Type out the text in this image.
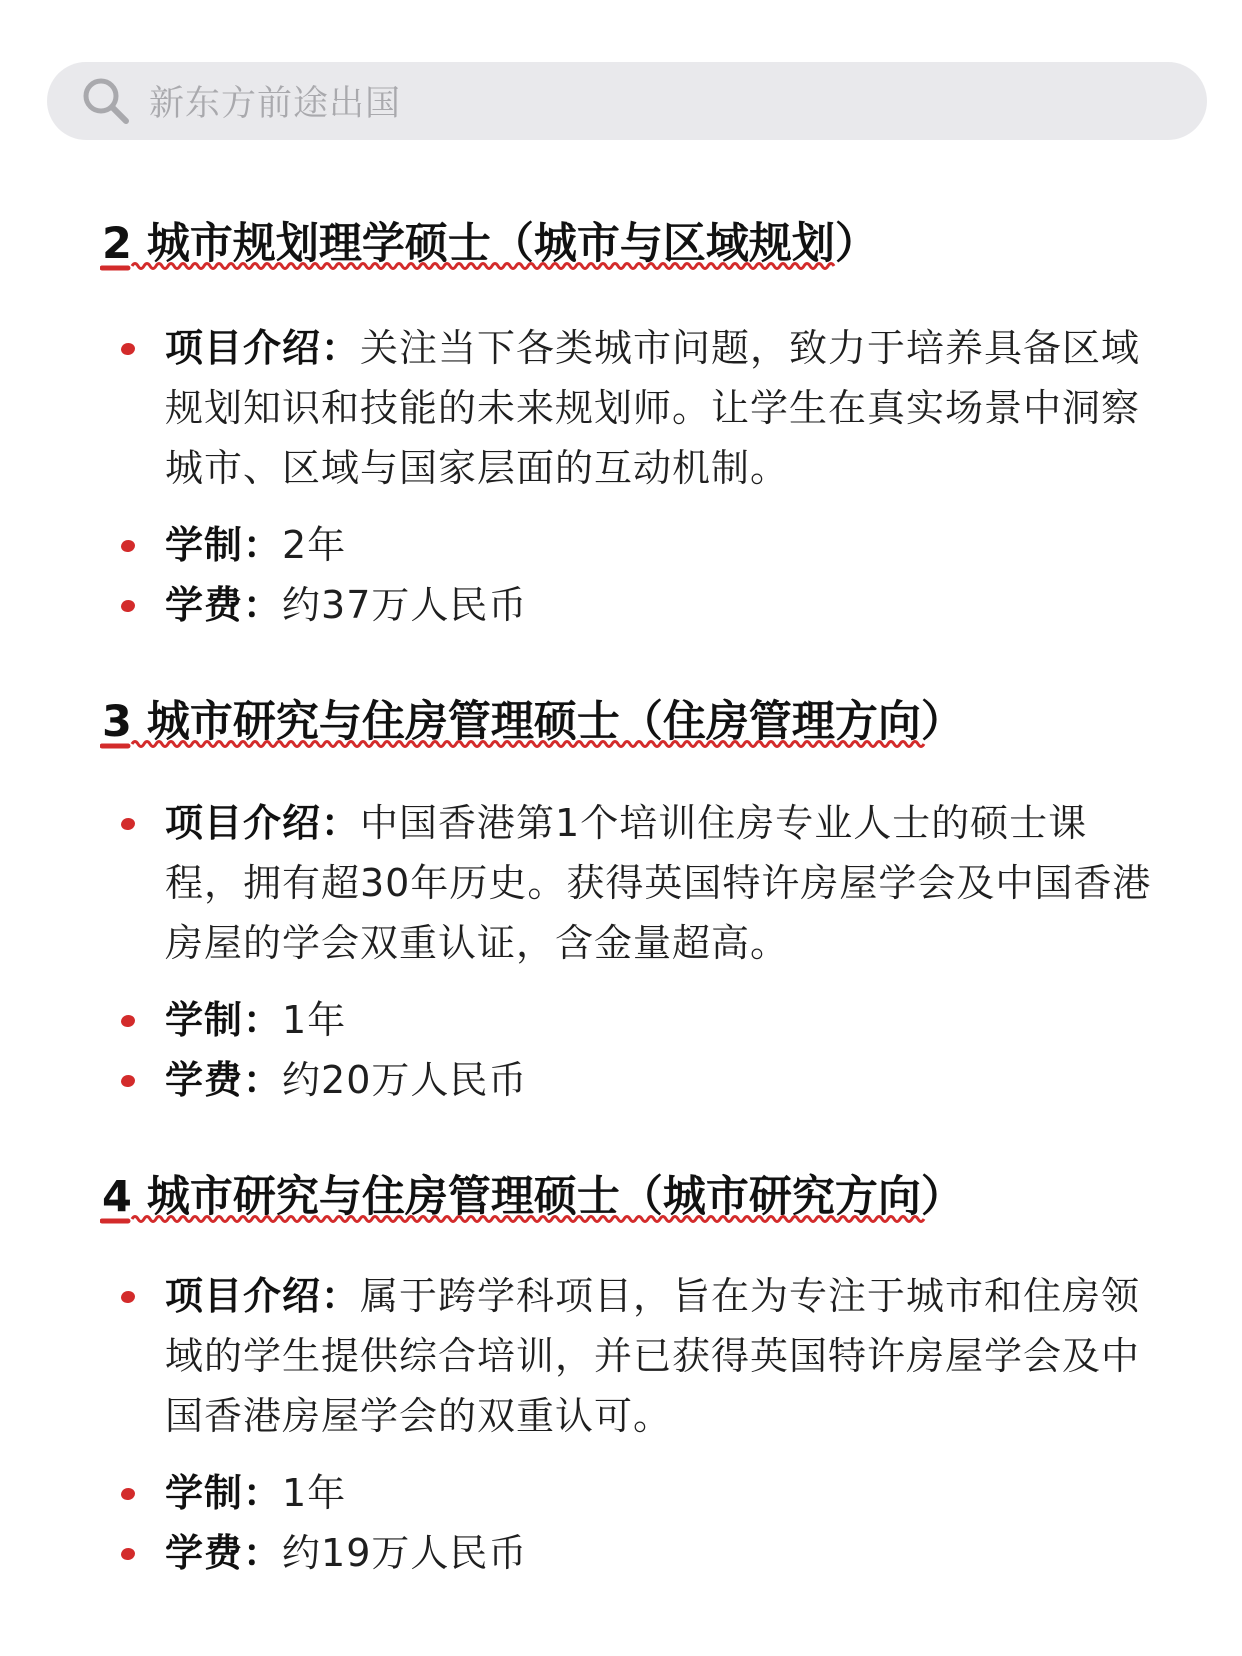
新东方前途出国
2 城市规划理学硕士（城市与区域规划）
项目介绍：关注当下各类城市问题，致力于培养具备区域规划知识和技能的未来规划师。让学生在真实场景中洞察城市、区域与国家层面的互动机制。
学制：2年
学费：约37万人民币
3 城市研究与住房管理硕士（住房管理方向）
项目介绍：中国香港第1个培训住房专业人士的硕士课程，拥有超30年历史。获得英国特许房屋学会及中国香港房屋的学会双重认证，含金量超高。
学制：1年
学费：约20万人民币
4 城市研究与住房管理硕士（城市研究方向）
项目介绍：属于跨学科项目，旨在为专注于城市和住房领域的学生提供综合培训，并已获得英国特许房屋学会及中国香港房屋学会的双重认可。
学制：1年
学费：约19万人民币
